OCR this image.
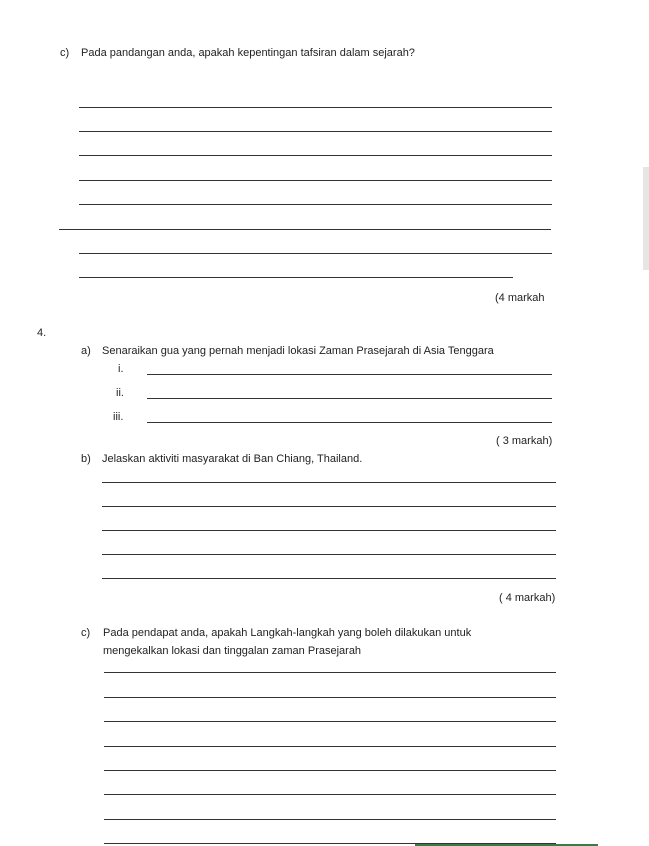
c) Pada pandangan anda, apakah kepentingan tafsiran dalam sejarah?
(4 markah
4.
a) Senaraikan gua yang pernah menjadi lokasi Zaman Prasejarah di Asia Tenggara
i.
ii.
iii.
( 3 markah)
b) Jelaskan aktiviti masyarakat di Ban Chiang, Thailand.
( 4 markah)
c) Pada pendapat anda, apakah Langkah-langkah yang boleh dilakukan untuk
mengekalkan lokasi dan tinggalan zaman Prasejarah
